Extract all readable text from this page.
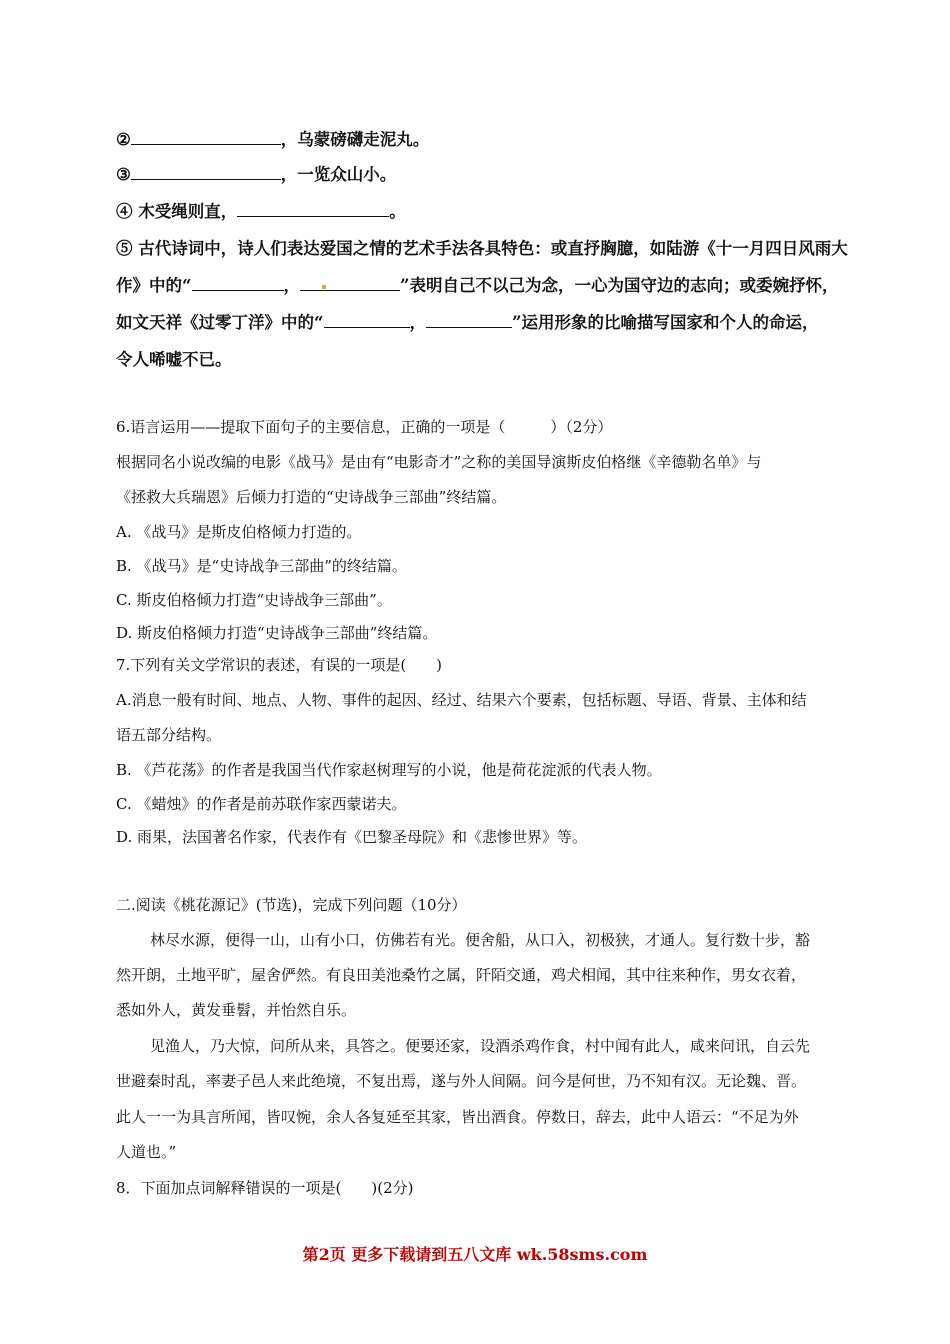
②	，乌蒙磅礴走泥丸。
③	，一览众山小。
④ 木受绳则直，	。
⑤ 古代诗词中，诗人们表达爱国之情的艺术手法各具特色：或直抒胸臆，如陆游《十一月四日风雨大
作》中的“	，	”表明自己不以己为念，一心为国守边的志向；或委婉抒怀，
如文天祥《过零丁洋》中的“	，	”运用形象的比喻描写国家和个人的命运，
令人唏嘘不已。
6.语言运用——提取下面句子的主要信息，正确的一项是（　　　）（2分）
根据同名小说改编的电影《战马》是由有“电影奇才”之称的美国导演斯皮伯格继《辛德勒名单》与
《拯救大兵瑞恩》后倾力打造的“史诗战争三部曲”终结篇。
A. 《战马》是斯皮伯格倾力打造的。
B. 《战马》是“史诗战争三部曲”的终结篇。
C. 斯皮伯格倾力打造“史诗战争三部曲”。
D. 斯皮伯格倾力打造“史诗战争三部曲”终结篇。
7.下列有关文学常识的表述，有误的一项是(　　)
A.消息一般有时间、地点、人物、事件的起因、经过、结果六个要素，包括标题、导语、背景、主体和结
语五部分结构。
B. 《芦花荡》的作者是我国当代作家赵树理写的小说，他是荷花淀派的代表人物。
C. 《蜡烛》的作者是前苏联作家西蒙诺夫。
D. 雨果，法国著名作家，代表作有《巴黎圣母院》和《悲惨世界》等。
二.阅读《桃花源记》(节选)，完成下列问题（10分）
林尽水源，便得一山，山有小口，仿佛若有光。便舍船，从口入，初极狭，才通人。复行数十步，豁
然开朗，土地平旷，屋舍俨然。有良田美池桑竹之属，阡陌交通，鸡犬相闻，其中往来种作，男女衣着，
悉如外人，黄发垂髫，并怡然自乐。
见渔人，乃大惊，问所从来，具答之。便要还家，设酒杀鸡作食，村中闻有此人，咸来问讯，自云先
世避秦时乱，率妻子邑人来此绝境，不复出焉，遂与外人间隔。问今是何世，乃不知有汉。无论魏、晋。
此人一一为具言所闻，皆叹惋，余人各复延至其家，皆出酒食。停数日，辞去，此中人语云：“不足为外
人道也。”
8．下面加点词解释错误的一项是(　　)(2分)
第2页 更多下载请到五八文库 wk.58sms.com
